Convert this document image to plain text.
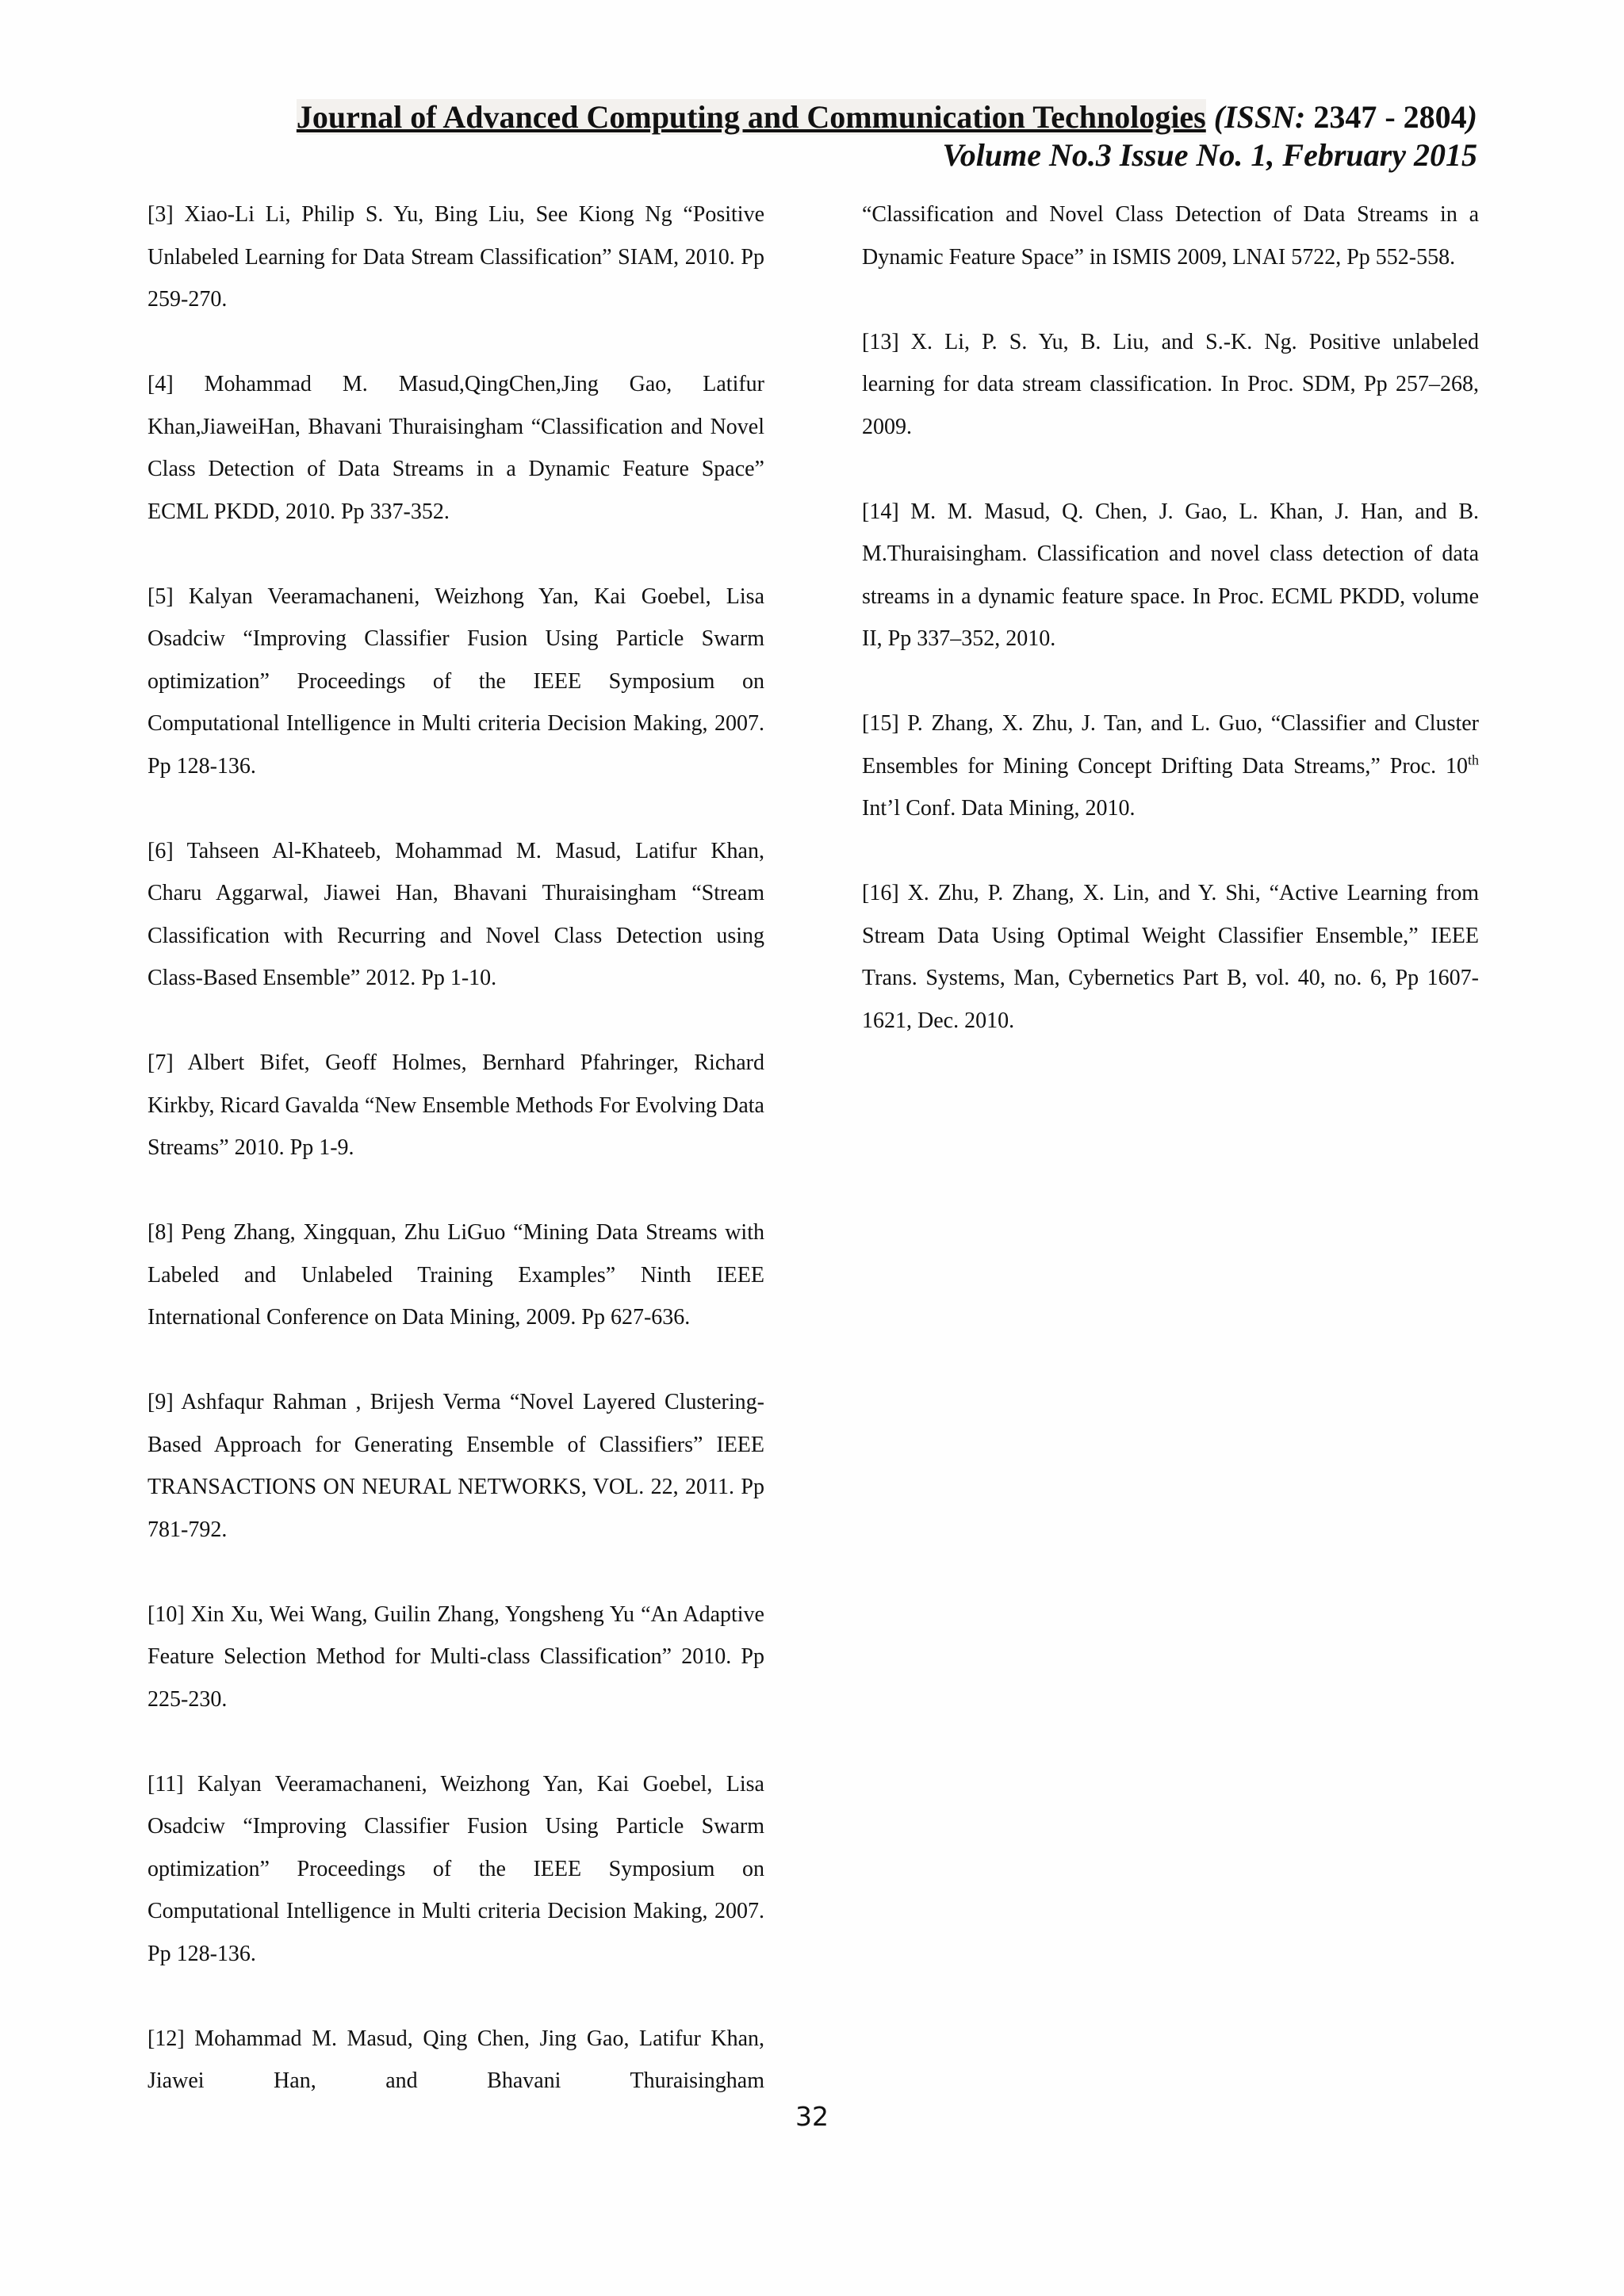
Journal of Advanced Computing and Communication Technologies (ISSN: 2347 - 2804)
Volume No.3 Issue No. 1, February 2015

[3] Xiao-Li Li, Philip S. Yu, Bing Liu, See Kiong Ng “Positive Unlabeled Learning for Data Stream Classification” SIAM, 2010. Pp 259-270.

[4] Mohammad M. Masud,QingChen,Jing Gao, Latifur Khan,JiaweiHan, Bhavani Thuraisingham “Classification and Novel Class Detection of Data Streams in a Dynamic Feature Space” ECML PKDD, 2010. Pp 337-352.

[5] Kalyan Veeramachaneni, Weizhong Yan, Kai Goebel, Lisa Osadciw “Improving Classifier Fusion Using Particle Swarm optimization” Proceedings of the IEEE Symposium on Computational Intelligence in Multi criteria Decision Making, 2007. Pp 128-136.

[6] Tahseen Al-Khateeb, Mohammad M. Masud, Latifur Khan, Charu Aggarwal, Jiawei Han, Bhavani Thuraisingham “Stream Classification with Recurring and Novel Class Detection using Class-Based Ensemble” 2012. Pp 1-10.

[7] Albert Bifet, Geoff Holmes, Bernhard Pfahringer, Richard Kirkby, Ricard Gavalda “New Ensemble Methods For Evolving Data Streams” 2010. Pp 1-9.

[8] Peng Zhang, Xingquan, Zhu LiGuo “Mining Data Streams with Labeled and Unlabeled Training Examples” Ninth IEEE International Conference on Data Mining, 2009. Pp 627-636.

[9] Ashfaqur Rahman , Brijesh Verma “Novel Layered Clustering-Based Approach for Generating Ensemble of Classifiers” IEEE TRANSACTIONS ON NEURAL NETWORKS, VOL. 22, 2011. Pp 781-792.

[10] Xin Xu, Wei Wang, Guilin Zhang, Yongsheng Yu “An Adaptive Feature Selection Method for Multi-class Classification” 2010. Pp 225-230.

[11] Kalyan Veeramachaneni, Weizhong Yan, Kai Goebel, Lisa Osadciw “Improving Classifier Fusion Using Particle Swarm optimization” Proceedings of the IEEE Symposium on Computational Intelligence in Multi criteria Decision Making, 2007. Pp 128-136.

[12] Mohammad M. Masud, Qing Chen, Jing Gao, Latifur Khan, Jiawei Han, and Bhavani Thuraisingham

“Classification and Novel Class Detection of Data Streams in a Dynamic Feature Space” in ISMIS 2009, LNAI 5722, Pp 552-558.

[13] X. Li, P. S. Yu, B. Liu, and S.-K. Ng. Positive unlabeled learning for data stream classification. In Proc. SDM, Pp 257–268, 2009.

[14] M. M. Masud, Q. Chen, J. Gao, L. Khan, J. Han, and B. M.Thuraisingham. Classification and novel class detection of data streams in a dynamic feature space. In Proc. ECML PKDD, volume II, Pp 337–352, 2010.

[15] P. Zhang, X. Zhu, J. Tan, and L. Guo, “Classifier and Cluster Ensembles for Mining Concept Drifting Data Streams,” Proc. 10th Int’l Conf. Data Mining, 2010.

[16] X. Zhu, P. Zhang, X. Lin, and Y. Shi, “Active Learning from Stream Data Using Optimal Weight Classifier Ensemble,” IEEE Trans. Systems, Man, Cybernetics Part B, vol. 40, no. 6, Pp 1607- 1621, Dec. 2010.

32
